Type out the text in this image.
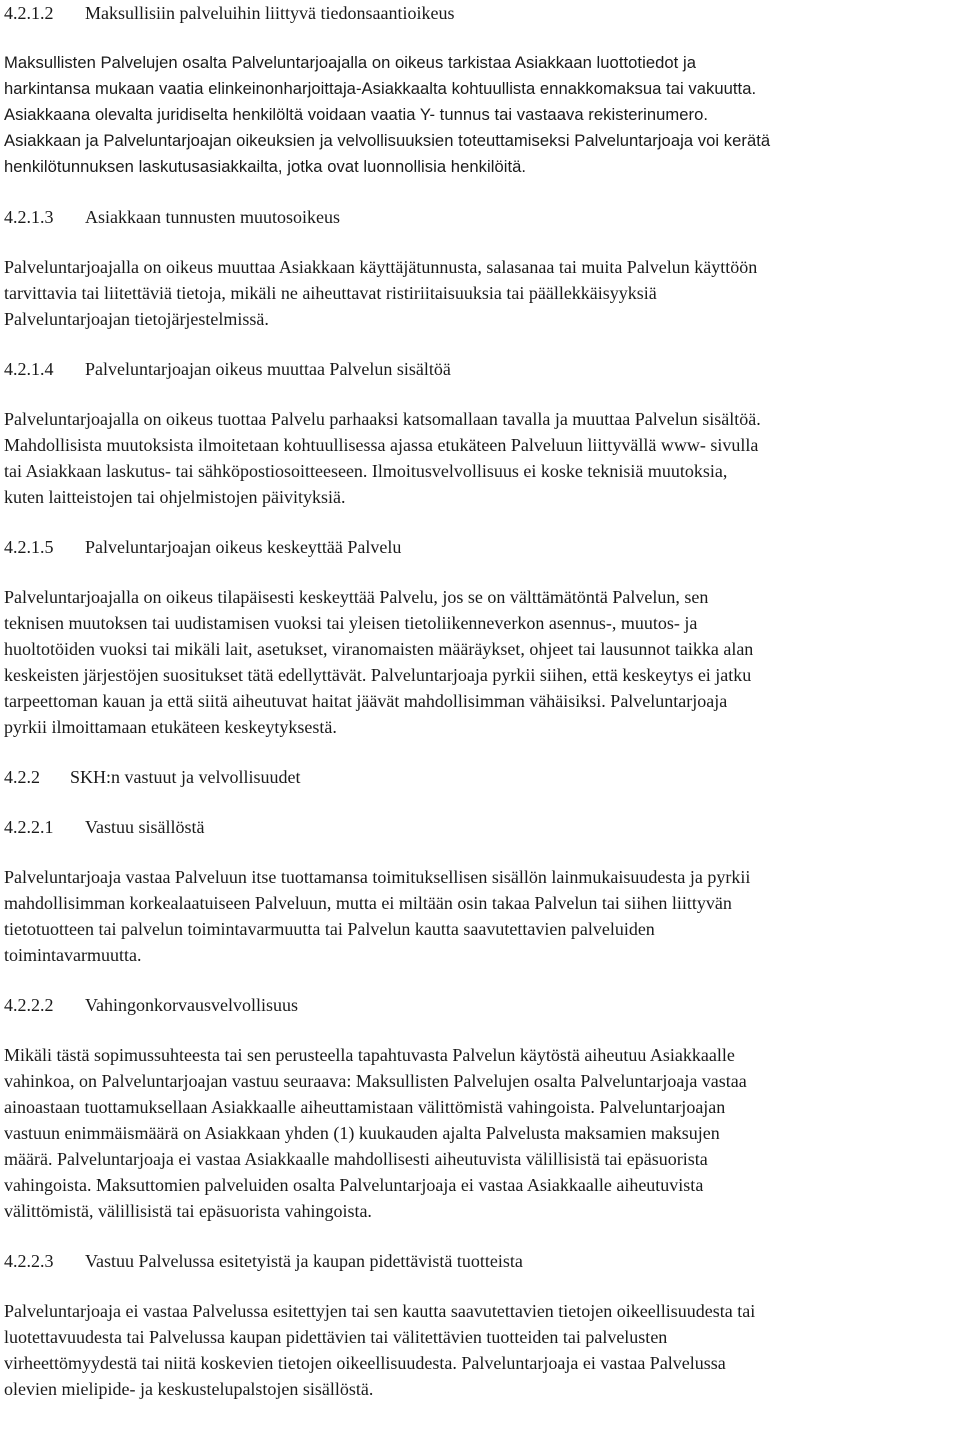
4.2.1.2 Maksullisiin palveluihin liittyvä tiedonsaantioikeus
Maksullisten Palvelujen osalta Palveluntarjoajalla on oikeus tarkistaa Asiakkaan luottotiedot ja
harkintansa mukaan vaatia elinkeinonharjoittaja-Asiakkaalta kohtuullista ennakkomaksua tai vakuutta.
Asiakkaana olevalta juridiselta henkilöltä voidaan vaatia Y- tunnus tai vastaava rekisterinumero.
Asiakkaan ja Palveluntarjoajan oikeuksien ja velvollisuuksien toteuttamiseksi Palveluntarjoaja voi kerätä
henkilötunnuksen laskutusasiakkailta, jotka ovat luonnollisia henkilöitä.
4.2.1.3 Asiakkaan tunnusten muutosoikeus
Palveluntarjoajalla on oikeus muuttaa Asiakkaan käyttäjätunnusta, salasanaa tai muita Palvelun käyttöön
tarvittavia tai liitettäviä tietoja, mikäli ne aiheuttavat ristiriitaisuuksia tai päällekkäisyyksiä
Palveluntarjoajan tietojärjestelmissä.
4.2.1.4 Palveluntarjoajan oikeus muuttaa Palvelun sisältöä
Palveluntarjoajalla on oikeus tuottaa Palvelu parhaaksi katsomallaan tavalla ja muuttaa Palvelun sisältöä.
Mahdollisista muutoksista ilmoitetaan kohtuullisessa ajassa etukäteen Palveluun liittyvällä www- sivulla
tai Asiakkaan laskutus- tai sähköpostiosoitteeseen. Ilmoitusvelvollisuus ei koske teknisiä muutoksia,
kuten laitteistojen tai ohjelmistojen päivityksiä.
4.2.1.5 Palveluntarjoajan oikeus keskeyttää Palvelu
Palveluntarjoajalla on oikeus tilapäisesti keskeyttää Palvelu, jos se on välttämätöntä Palvelun, sen
teknisen muutoksen tai uudistamisen vuoksi tai yleisen tietoliikenneverkon asennus-, muutos- ja
huoltotöiden vuoksi tai mikäli lait, asetukset, viranomaisten määräykset, ohjeet tai lausunnot taikka alan
keskeisten järjestöjen suositukset tätä edellyttävät. Palveluntarjoaja pyrkii siihen, että keskeytys ei jatku
tarpeettoman kauan ja että siitä aiheutuvat haitat jäävät mahdollisimman vähäisiksi. Palveluntarjoaja
pyrkii ilmoittamaan etukäteen keskeytyksestä.
4.2.2 SKH:n vastuut ja velvollisuudet
4.2.2.1 Vastuu sisällöstä
Palveluntarjoaja vastaa Palveluun itse tuottamansa toimituksellisen sisällön lainmukaisuudesta ja pyrkii
mahdollisimman korkealaatuiseen Palveluun, mutta ei miltään osin takaa Palvelun tai siihen liittyvän
tietotuotteen tai palvelun toimintavarmuutta tai Palvelun kautta saavutettavien palveluiden
toimintavarmuutta.
4.2.2.2 Vahingonkorvausvelvollisuus
Mikäli tästä sopimussuhteesta tai sen perusteella tapahtuvasta Palvelun käytöstä aiheutuu Asiakkaalle
vahinkoa, on Palveluntarjoajan vastuu seuraava: Maksullisten Palvelujen osalta Palveluntarjoaja vastaa
ainoastaan tuottamuksellaan Asiakkaalle aiheuttamistaan välittömistä vahingoista. Palveluntarjoajan
vastuun enimmäismäärä on Asiakkaan yhden (1) kuukauden ajalta Palvelusta maksamien maksujen
määrä. Palveluntarjoaja ei vastaa Asiakkaalle mahdollisesti aiheutuvista välillisistä tai epäsuorista
vahingoista. Maksuttomien palveluiden osalta Palveluntarjoaja ei vastaa Asiakkaalle aiheutuvista
välittömistä, välillisistä tai epäsuorista vahingoista.
4.2.2.3 Vastuu Palvelussa esitetyistä ja kaupan pidettävistä tuotteista
Palveluntarjoaja ei vastaa Palvelussa esitettyjen tai sen kautta saavutettavien tietojen oikeellisuudesta tai
luotettavuudesta tai Palvelussa kaupan pidettävien tai välitettävien tuotteiden tai palvelusten
virheettömyydestä tai niitä koskevien tietojen oikeellisuudesta. Palveluntarjoaja ei vastaa Palvelussa
olevien mielipide- ja keskustelupalstojen sisällöstä.
